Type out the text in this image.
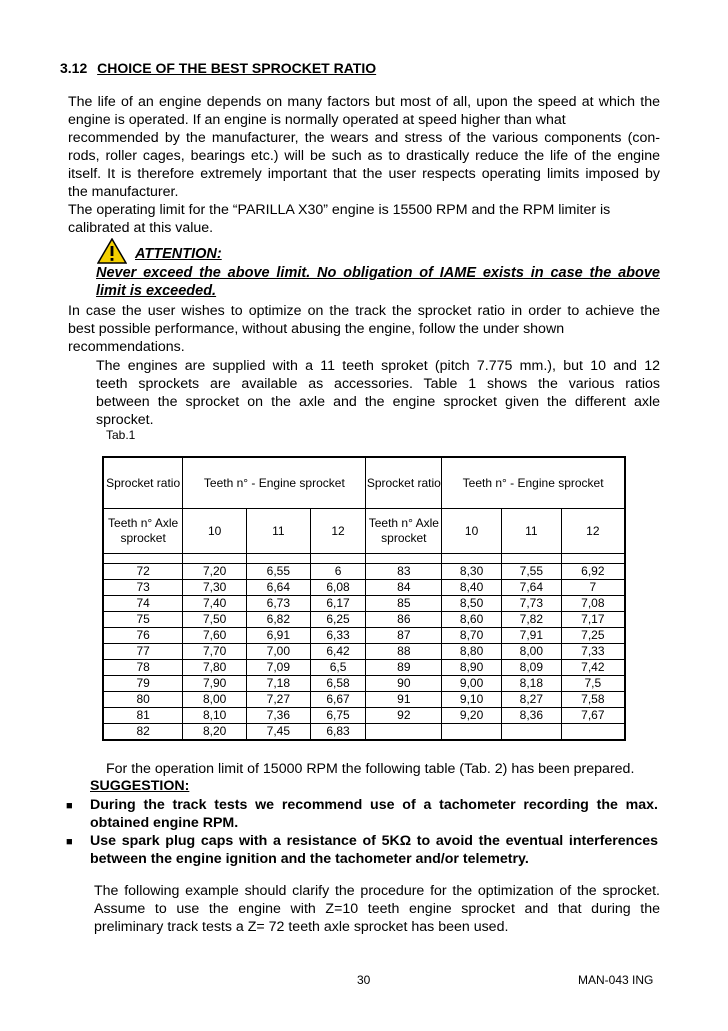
3.12 CHOICE OF THE BEST SPROCKET RATIO
The life of an engine depends on many factors but most of all, upon the speed at which the
engine is operated. If an engine is normally operated at speed higher than what
recommended by the manufacturer, the wears and stress of the various components (con-
rods, roller cages, bearings etc.) will be such as to drastically reduce the life of the engine
itself. It is therefore extremely important that the user respects operating limits imposed by
the manufacturer.
The operating limit for the “PARILLA X30” engine is 15500 RPM and the RPM limiter is
calibrated at this value.
ATTENTION:
Never exceed the above limit. No obligation of IAME exists in case the above
limit is exceeded.
In case the user wishes to optimize on the track the sprocket ratio in order to achieve the
best possible performance, without abusing the engine, follow the under shown
recommendations.
The engines are supplied with a 11 teeth sproket (pitch 7.775 mm.), but 10 and 12
teeth sprockets are available as accessories. Table 1 shows the various ratios
between the sprocket on the axle and the engine sprocket given the different axle
sprocket.
Tab.1
Sprocket ratio	Teeth n° - Engine sprocket			Sprocket ratio	Teeth n° - Engine sprocket		
Teeth n° Axle sprocket	10	11	12	Teeth n° Axle sprocket	10	11	12

72	7,20	6,55	6	83	8,30	7,55	6,92
73	7,30	6,64	6,08	84	8,40	7,64	7
74	7,40	6,73	6,17	85	8,50	7,73	7,08
75	7,50	6,82	6,25	86	8,60	7,82	7,17
76	7,60	6,91	6,33	87	8,70	7,91	7,25
77	7,70	7,00	6,42	88	8,80	8,00	7,33
78	7,80	7,09	6,5	89	8,90	8,09	7,42
79	7,90	7,18	6,58	90	9,00	8,18	7,5
80	8,00	7,27	6,67	91	9,10	8,27	7,58
81	8,10	7,36	6,75	92	9,20	8,36	7,67
82	8,20	7,45	6,83				
For the operation limit of 15000 RPM the following table (Tab. 2) has been prepared.
SUGGESTION:
■	During the track tests we recommend use of a tachometer recording the max.
obtained engine RPM.
■	Use spark plug caps with a resistance of 5KΩ to avoid the eventual interferences
between the engine ignition and the tachometer and/or telemetry.
The following example should clarify the procedure for the optimization of the sprocket.
Assume to use the engine with Z=10 teeth engine sprocket and that during the
preliminary track tests a Z= 72 teeth axle sprocket has been used.
30	MAN-043 ING
